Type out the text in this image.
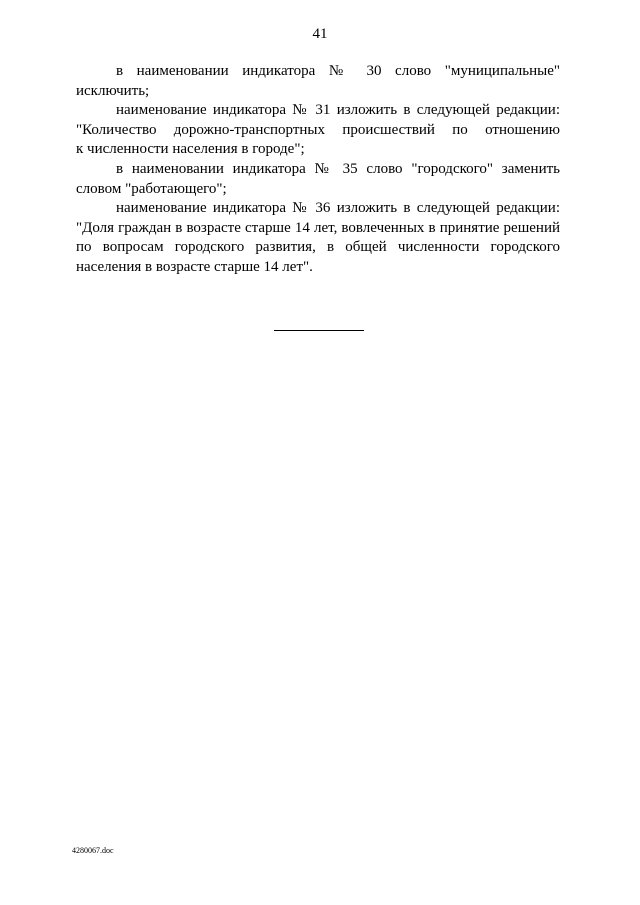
41

в наименовании индикатора № 30 слово "муниципальные"
исключить;

наименование индикатора № 31 изложить в следующей редакции:
"Количество дорожно-транспортных происшествий по отношению
к численности населения в городе";

в наименовании индикатора № 35 слово "городского" заменить
словом "работающего";

наименование индикатора № 36 изложить в следующей редакции:
"Доля граждан в возрасте старше 14 лет, вовлеченных в принятие решений
по вопросам городского развития, в общей численности городского
населения в возрасте старше 14 лет".

4280067.doc
